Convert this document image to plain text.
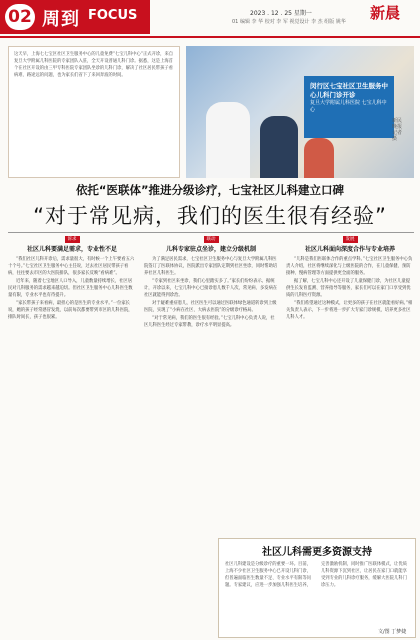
02 周到 FOCUS	2023 . 12 . 25 星期一
01 编辑 李 华 校对 李 军 视觉设计 李 杰 组版 姚华 新晨
这天早，上海七七宝区社区卫生服务中心的儿童免费“七宝儿科中心”正式开诊，来自复旦大学附属儿科医院的专家团队入驻，全天开设普通儿科门诊。据悉，这是上海首个在社区开设的由三甲专科医院专家团队坐诊的儿科门诊，解决了社区居民带孩子看病难、路途远的问题，也为家长们省下了来回奔波的时间。
闵行区七宝社区卫生服务中心儿科门诊开诊
复旦大学附属儿科医院 七宝儿科中心
新民晚报记者摄
依托“医联体”推进分级诊疗，七宝社区儿科建立口碑
“对于常见病，我们的医生很有经验”
诉求
社区儿科要满足需求，专业性不足

“我们社区儿科开诊后，需求量很大，有时候一个上午要看五六十个号。”七宝社区卫生服务中心主任说，过去社区居民带孩子看病，往往要去市区的大医院排队，很多家长反映“看病难”。

近年来，随着七宝地区人口导入，儿童数量持续增长，社区居民对儿科服务的需求越来越迫切。但社区卫生服务中心儿科医生数量有限，专业水平也有待提升。

“家长带孩子来看病，最担心的是医生的专业水平。”一位家长说，她的孩子经常感冒发烧，以前每次都要带到市区的儿科医院，排队时间长，孩子也很累。

联动
儿科专家驻点坐诊，建立分级机制

为了满足居民需求，七宝社区卫生服务中心与复旦大学附属儿科医院签订了医联体协议，医院派出专家团队定期到社区坐诊，同时帮助培养社区儿科医生。

“专家到社区来坐诊，我们心里踏实多了。”家长们纷纷表示。据统计，开诊以来，七宝儿科中心已接诊患儿数千人次，常见病、多发病在社区就能得到诊治。

对于疑难重症患儿，社区医生可以通过医联体绿色通道转诊到上级医院，实现了“小病在社区、大病去医院”的分级诊疗格局。

“对于常见病，我们的医生很有经验。”七宝儿科中心负责人说，社区儿科医生经过专家带教，诊疗水平明显提高。

发展
社区儿科面向深度合作与专业培养

“儿科是我们医联体合作的重点学科。”七宝社区卫生服务中心负责人介绍，社区将继续深化与上级医院的合作，在儿童保健、预防接种、慢病管理等方面提供更全面的服务。

据了解，七宝儿科中心还开设了儿童保健门诊，为社区儿童提供生长发育监测、营养指导等服务，家长们可以在家门口享受到优质的儿科医疗资源。

“我们希望通过这种模式，让更多的孩子在社区就能看好病。”相关负责人表示，下一步将进一步扩大专家门诊规模，培养更多社区儿科人才。

社区儿科需更多资源支持
社区儿科建设是分级诊疗的重要一环。目前，上海不少社区卫生服务中心已开设儿科门诊，但普遍面临医生数量不足、专业水平有限等问题。专家建议，应进一步加强儿科医生培养，完善激励机制，同时推广医联体模式，让优质儿科资源下沉到社区，让居民在家门口就能享受到专业的儿科诊疗服务，缓解大医院儿科门诊压力。
文/图 丁梦婕
